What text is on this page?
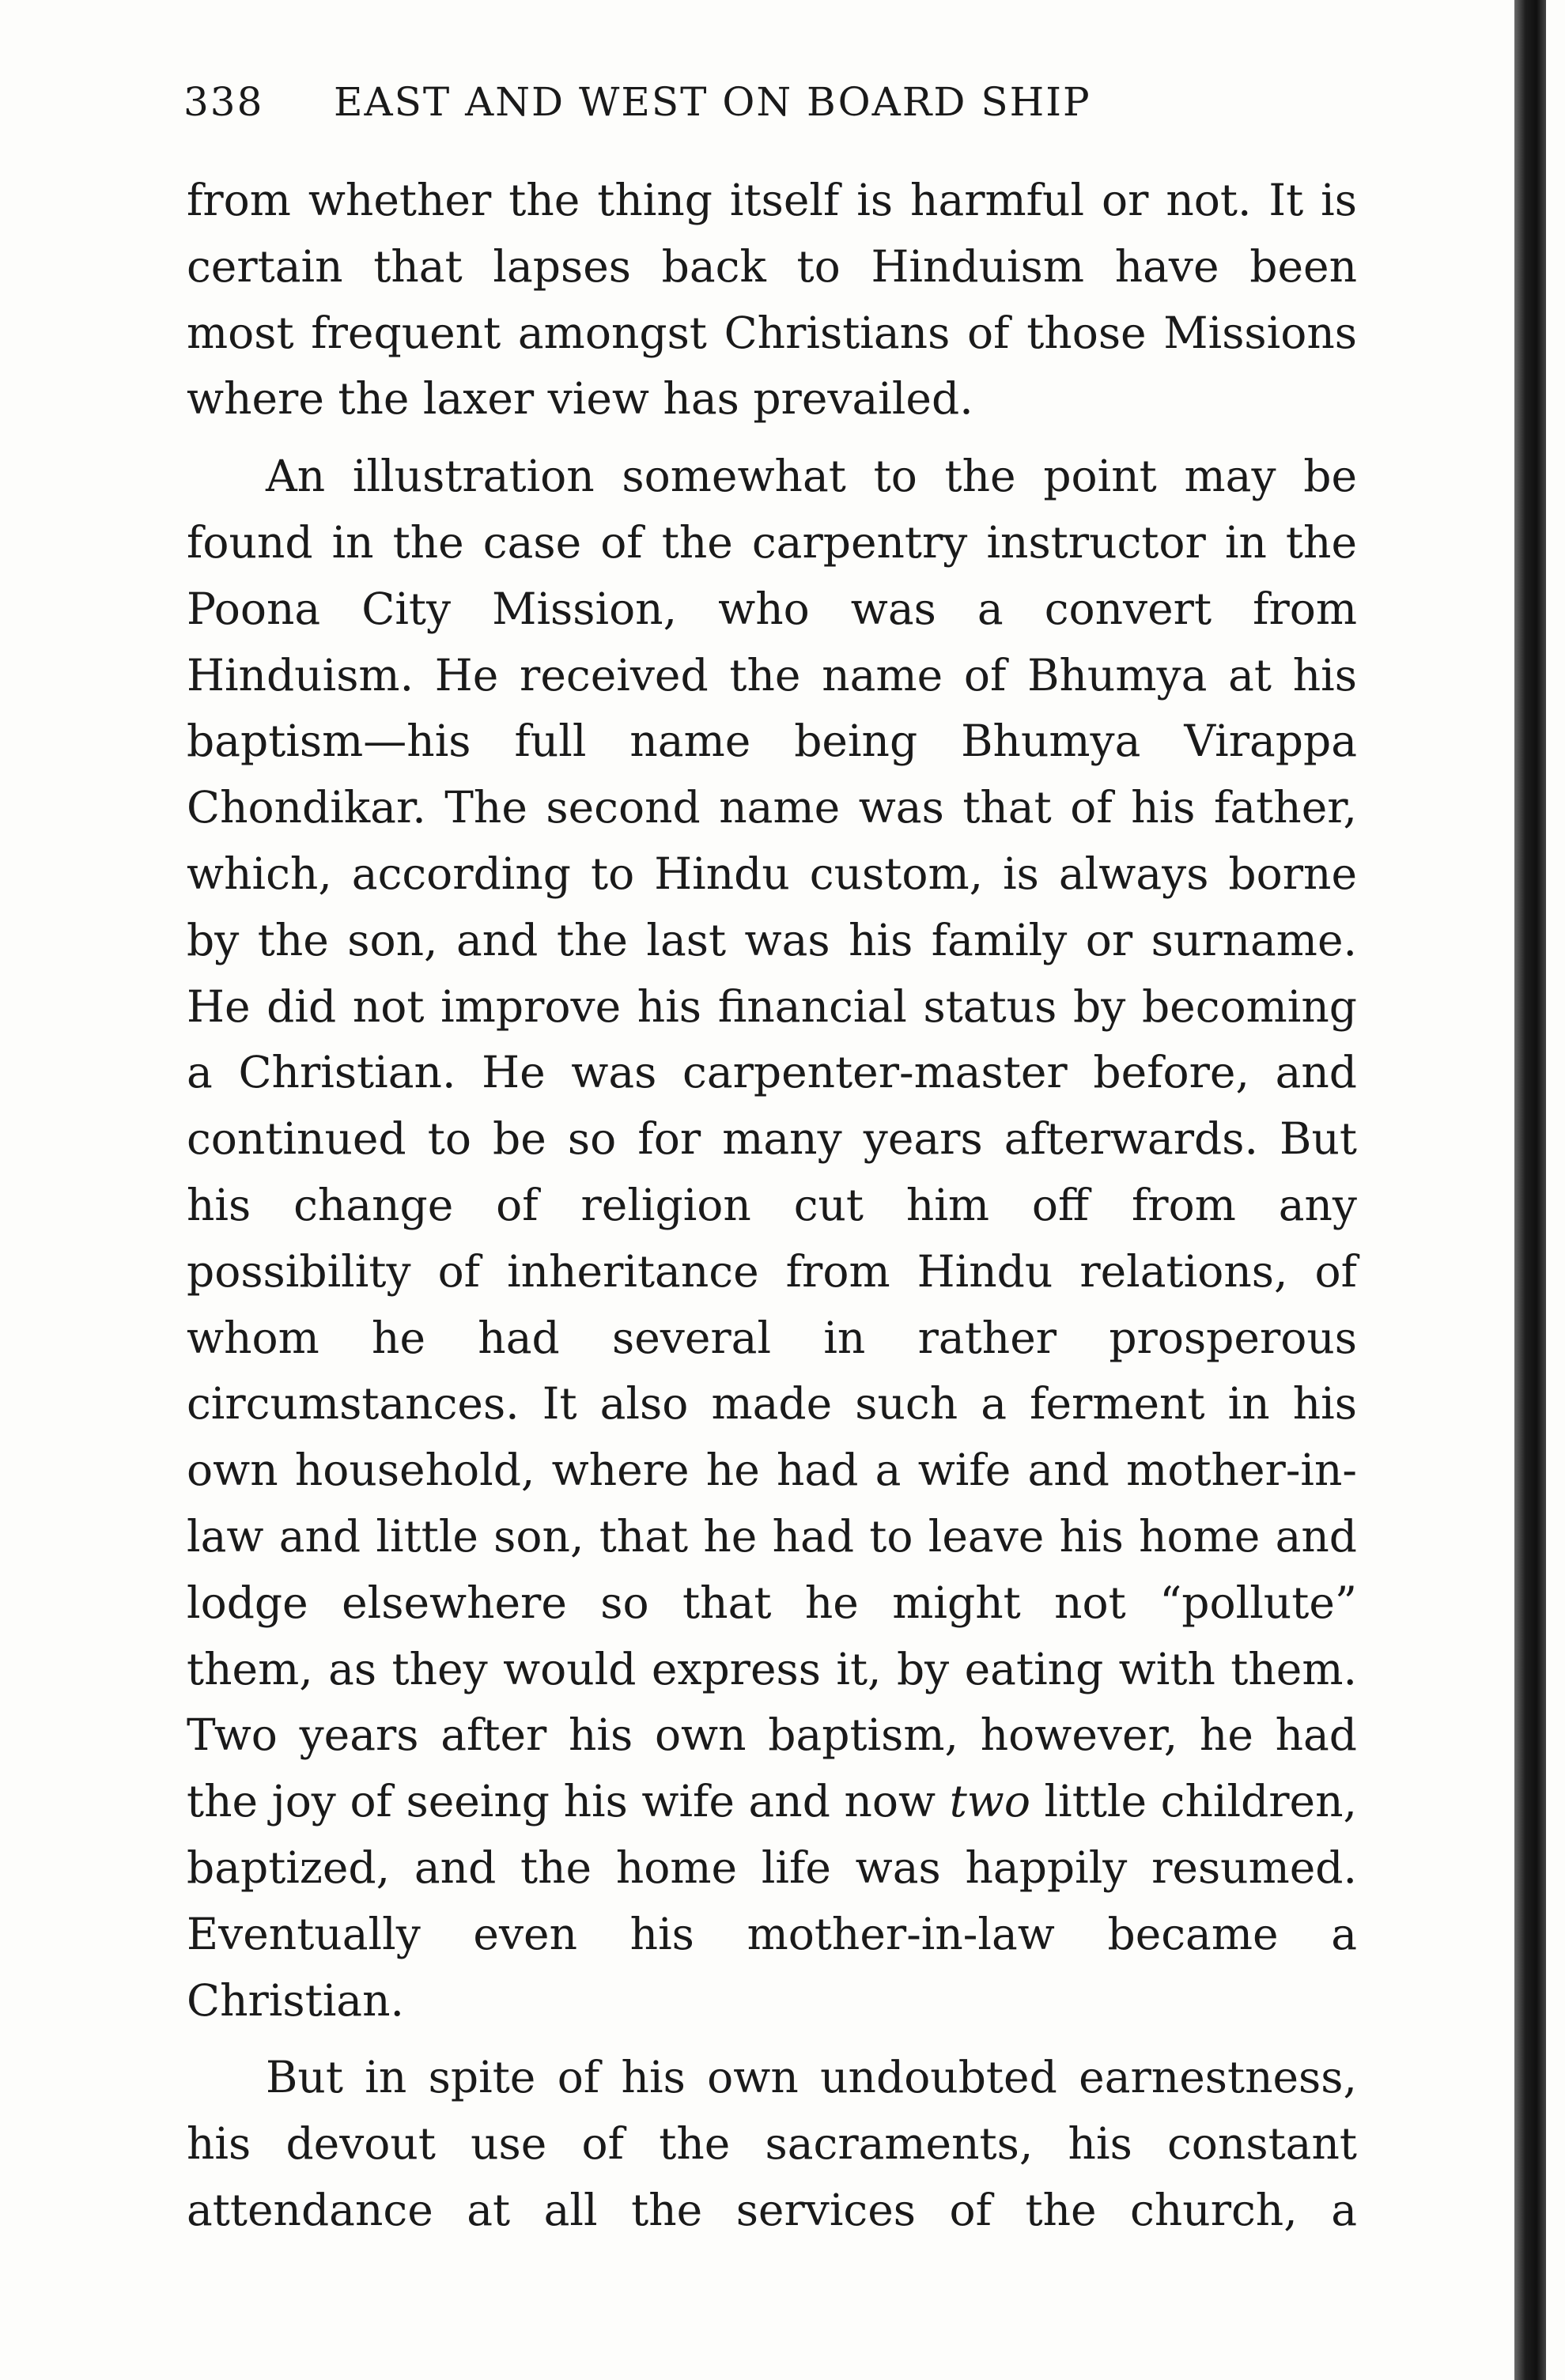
338 EAST AND WEST ON BOARD SHIP

from whether the thing itself is harmful or not. It is certain that lapses back to Hinduism have been most frequent amongst Christians of those Missions where the laxer view has prevailed.

An illustration somewhat to the point may be found in the case of the carpentry instructor in the Poona City Mission, who was a convert from Hinduism. He received the name of Bhumya at his baptism—his full name being Bhumya Virappa Chondikar. The second name was that of his father, which, according to Hindu custom, is always borne by the son, and the last was his family or surname. He did not improve his financial status by becoming a Christian. He was carpenter-master before, and continued to be so for many years afterwards. But his change of religion cut him off from any possibility of inheritance from Hindu relations, of whom he had several in rather prosperous circumstances. It also made such a ferment in his own household, where he had a wife and mother-in-law and little son, that he had to leave his home and lodge elsewhere so that he might not “pollute” them, as they would express it, by eating with them. Two years after his own baptism, however, he had the joy of seeing his wife and now two little children, baptized, and the home life was happily resumed. Eventually even his mother-in-law became a Christian.

But in spite of his own undoubted earnestness, his devout use of the sacraments, his constant attendance at all the services of the church, a
